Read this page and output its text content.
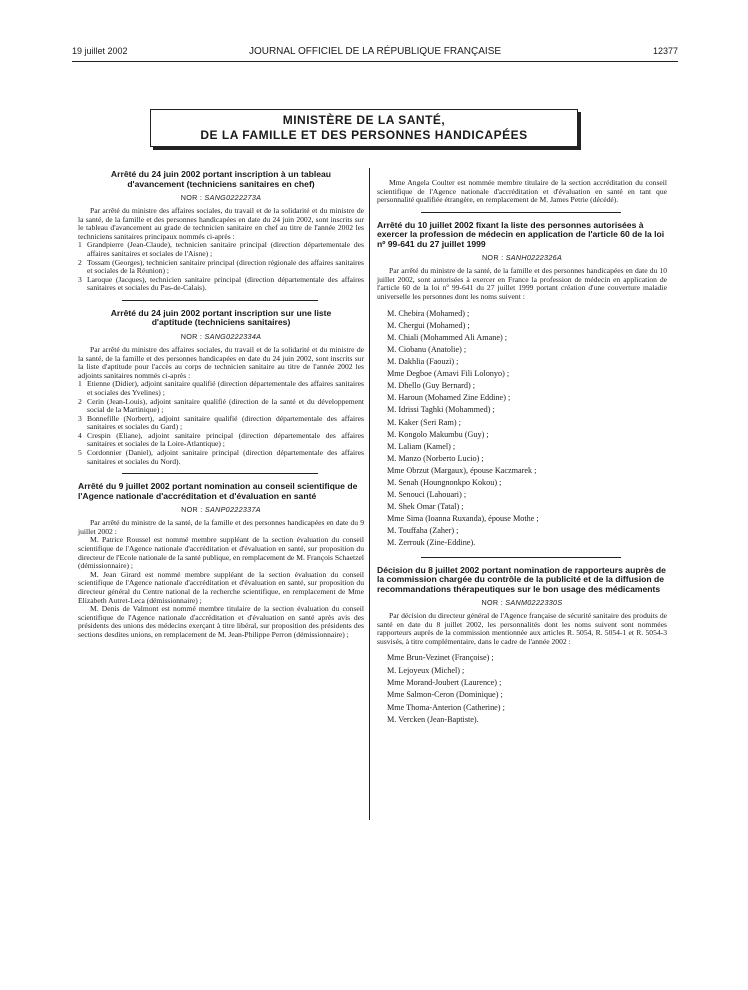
19 juillet 2002	JOURNAL OFFICIEL DE LA RÉPUBLIQUE FRANÇAISE	12377
MINISTÈRE DE LA SANTÉ,
DE LA FAMILLE ET DES PERSONNES HANDICAPÉES
Arrêté du 24 juin 2002 portant inscription à un tableau d'avancement (techniciens sanitaires en chef)
NOR : SANG0222273A

Par arrêté du ministre des affaires sociales, du travail et de la solidarité et du ministre de la santé, de la famille et des personnes handicapées en date du 24 juin 2002, sont inscrits sur le tableau d'avancement au grade de technicien sanitaire en chef au titre de l'année 2002 les techniciens sanitaires principaux nommés ci-après :

1 Grandpierre (Jean-Claude), technicien sanitaire principal (direction départementale des affaires sanitaires et sociales de l'Aisne) ;
2 Tossam (Georges), technicien sanitaire principal (direction régionale des affaires sanitaires et sociales de la Réunion) ;
3 Laroque (Jacques), technicien sanitaire principal (direction départementale des affaires sanitaires et sociales du Pas-de-Calais).
Arrêté du 24 juin 2002 portant inscription sur une liste d'aptitude (techniciens sanitaires)
NOR : SANG0222334A

Par arrêté du ministre des affaires sociales, du travail et de la solidarité et du ministre de la santé, de la famille et des personnes handicapées en date du 24 juin 2002, sont inscrits sur la liste d'aptitude pour l'accès au corps de technicien sanitaire au titre de l'année 2002 les adjoints sanitaires nommés ci-après :

1 Etienne (Didier), adjoint sanitaire qualifié (direction départementale des affaires sanitaires et sociales des Yvelines) ;
2 Cerin (Jean-Louis), adjoint sanitaire qualifié (direction de la santé et du développement social de la Martinique) ;
3 Bonnefille (Norbert), adjoint sanitaire qualifié (direction départementale des affaires sanitaires et sociales du Gard) ;
4 Crespin (Eliane), adjoint sanitaire principal (direction départementale des affaires sanitaires et sociales de la Loire-Atlantique) ;
5 Cordonnier (Daniel), adjoint sanitaire principal (direction départementale des affaires sanitaires et sociales du Nord).
Arrêté du 9 juillet 2002 portant nomination au conseil scientifique de l'Agence nationale d'accréditation et d'évaluation en santé
NOR : SANP0222337A

Par arrêté du ministre de la santé, de la famille et des personnes handicapées en date du 9 juillet 2002 :

M. Patrice Roussel est nommé membre suppléant de la section évaluation du conseil scientifique de l'Agence nationale d'accréditation et d'évaluation en santé, sur proposition du directeur de l'Ecole nationale de la santé publique, en remplacement de M. François Schaetzel (démissionnaire) ;

M. Jean Girard est nommé membre suppléant de la section évaluation du conseil scientifique de l'Agence nationale d'accréditation et d'évaluation en santé, sur proposition du directeur général du Centre national de la recherche scientifique, en remplacement de Mme Elizabeth Autret-Leca (démissionnaire) ;

M. Denis de Valmont est nommé membre titulaire de la section évaluation du conseil scientifique de l'Agence nationale d'accréditation et d'évaluation en santé après avis des présidents des unions des médecins exerçant à titre libéral, sur proposition des présidents des sections desdites unions, en remplacement de M. Jean-Philippe Perron (démissionnaire) ;

Mme Angela Coulter est nommée membre titulaire de la section accréditation du conseil scientifique de l'Agence nationale d'accréditation et d'évaluation en santé en tant que personnalité qualifiée étrangère, en remplacement de M. James Petrie (décédé).

Arrêté du 10 juillet 2002 fixant la liste des personnes autorisées à exercer la profession de médecin en application de l'article 60 de la loi nº 99-641 du 27 juillet 1999
NOR : SANH0222326A

Par arrêté du ministre de la santé, de la famille et des personnes handicapées en date du 10 juillet 2002, sont autorisées à exercer en France la profession de médecin en application de l'article 60 de la loi nº 99-641 du 27 juillet 1999 portant création d'une couverture maladie universelle les personnes dont les noms suivent :

M. Chebira (Mohamed) ;
M. Chergui (Mohamed) ;
M. Chiali (Mohammed Ali Amane) ;
M. Ciobanu (Anatolie) ;
M. Dakhlia (Faouzi) ;
Mme Degboe (Amavi Fili Lolonyo) ;
M. Dhello (Guy Bernard) ;
M. Haroun (Mohamed Zine Eddine) ;
M. Idrissi Taghki (Mohammed) ;
M. Kaker (Seri Ram) ;
M. Kongolo Makumbu (Guy) ;
M. Laliam (Kamel) ;
M. Manzo (Norberto Lucio) ;
Mme Obrzut (Margaux), épouse Kaczmarek ;
M. Senah (Houngnonkpo Kokou) ;
M. Senouci (Lahouari) ;
M. Shek Omar (Tatal) ;
Mme Sima (Ioanna Ruxanda), épouse Mothe ;
M. Touffaha (Zaher) ;
M. Zerrouk (Zine-Eddine).
Décision du 8 juillet 2002 portant nomination de rapporteurs auprès de la commission chargée du contrôle de la publicité et de la diffusion de recommandations thérapeutiques sur le bon usage des médicaments
NOR : SANM0222330S

Par décision du directeur général de l'Agence française de sécurité sanitaire des produits de santé en date du 8 juillet 2002, les personnalités dont les noms suivent sont nommées rapporteurs auprès de la commission mentionnée aux articles R. 5054, R. 5054-1 et R. 5054-3 susvisés, à titre complémentaire, dans le cadre de l'année 2002 :

Mme Brun-Vezinet (Françoise) ;
M. Lejoyeux (Michel) ;
Mme Morand-Joubert (Laurence) ;
Mme Salmon-Ceron (Dominique) ;
Mme Thoma-Anterion (Catherine) ;
M. Vercken (Jean-Baptiste).
